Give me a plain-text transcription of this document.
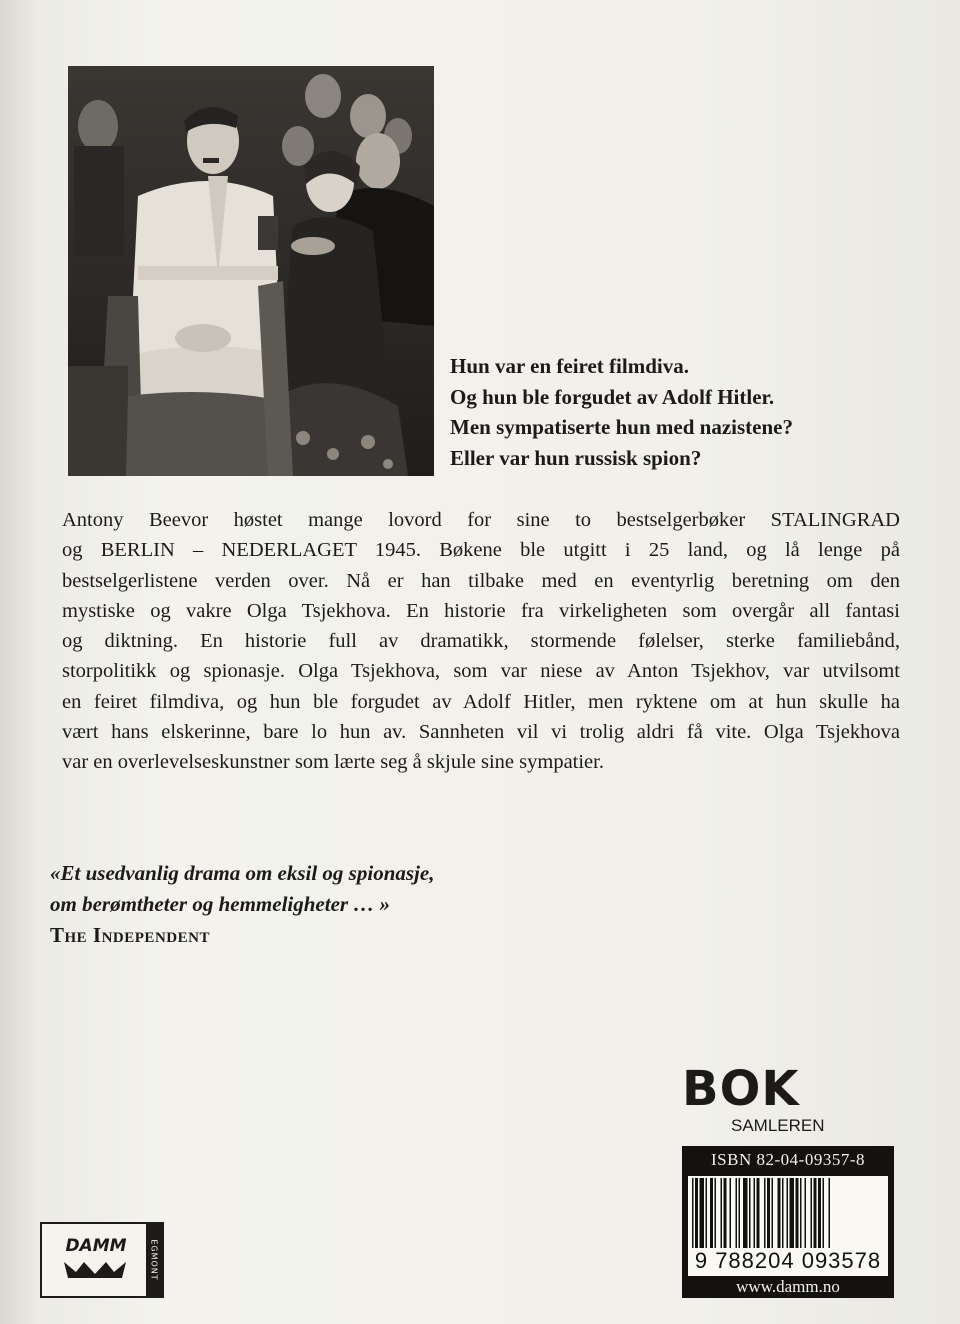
Hun var en feiret filmdiva.
Og hun ble forgudet av Adolf Hitler.
Men sympatiserte hun med nazistene?
Eller var hun russisk spion?
Antony Beevor høstet mange lovord for sine to bestselgerbøker STALINGRAD
og BERLIN – NEDERLAGET 1945. Bøkene ble utgitt i 25 land, og lå lenge på
bestselgerlistene verden over. Nå er han tilbake med en eventyrlig beretning om den
mystiske og vakre Olga Tsjekhova. En historie fra virkeligheten som overgår all fantasi
og diktning. En historie full av dramatikk, stormende følelser, sterke familiebånd,
storpolitikk og spionasje. Olga Tsjekhova, som var niese av Anton Tsjekhov, var utvilsomt
en feiret filmdiva, og hun ble forgudet av Adolf Hitler, men ryktene om at hun skulle ha
vært hans elskerinne, bare lo hun av. Sannheten vil vi trolig aldri få vite. Olga Tsjekhova
var en overlevelseskunstner som lærte seg å skjule sine sympatier.
«Et usedvanlig drama om eksil og spionasje,
om berømtheter og hemmeligheter … »
The Independent
BOK
SAMLEREN
ISBN 82-04-09357-8
9 788204 093578
www.damm.no
DAMM	EGMONT
